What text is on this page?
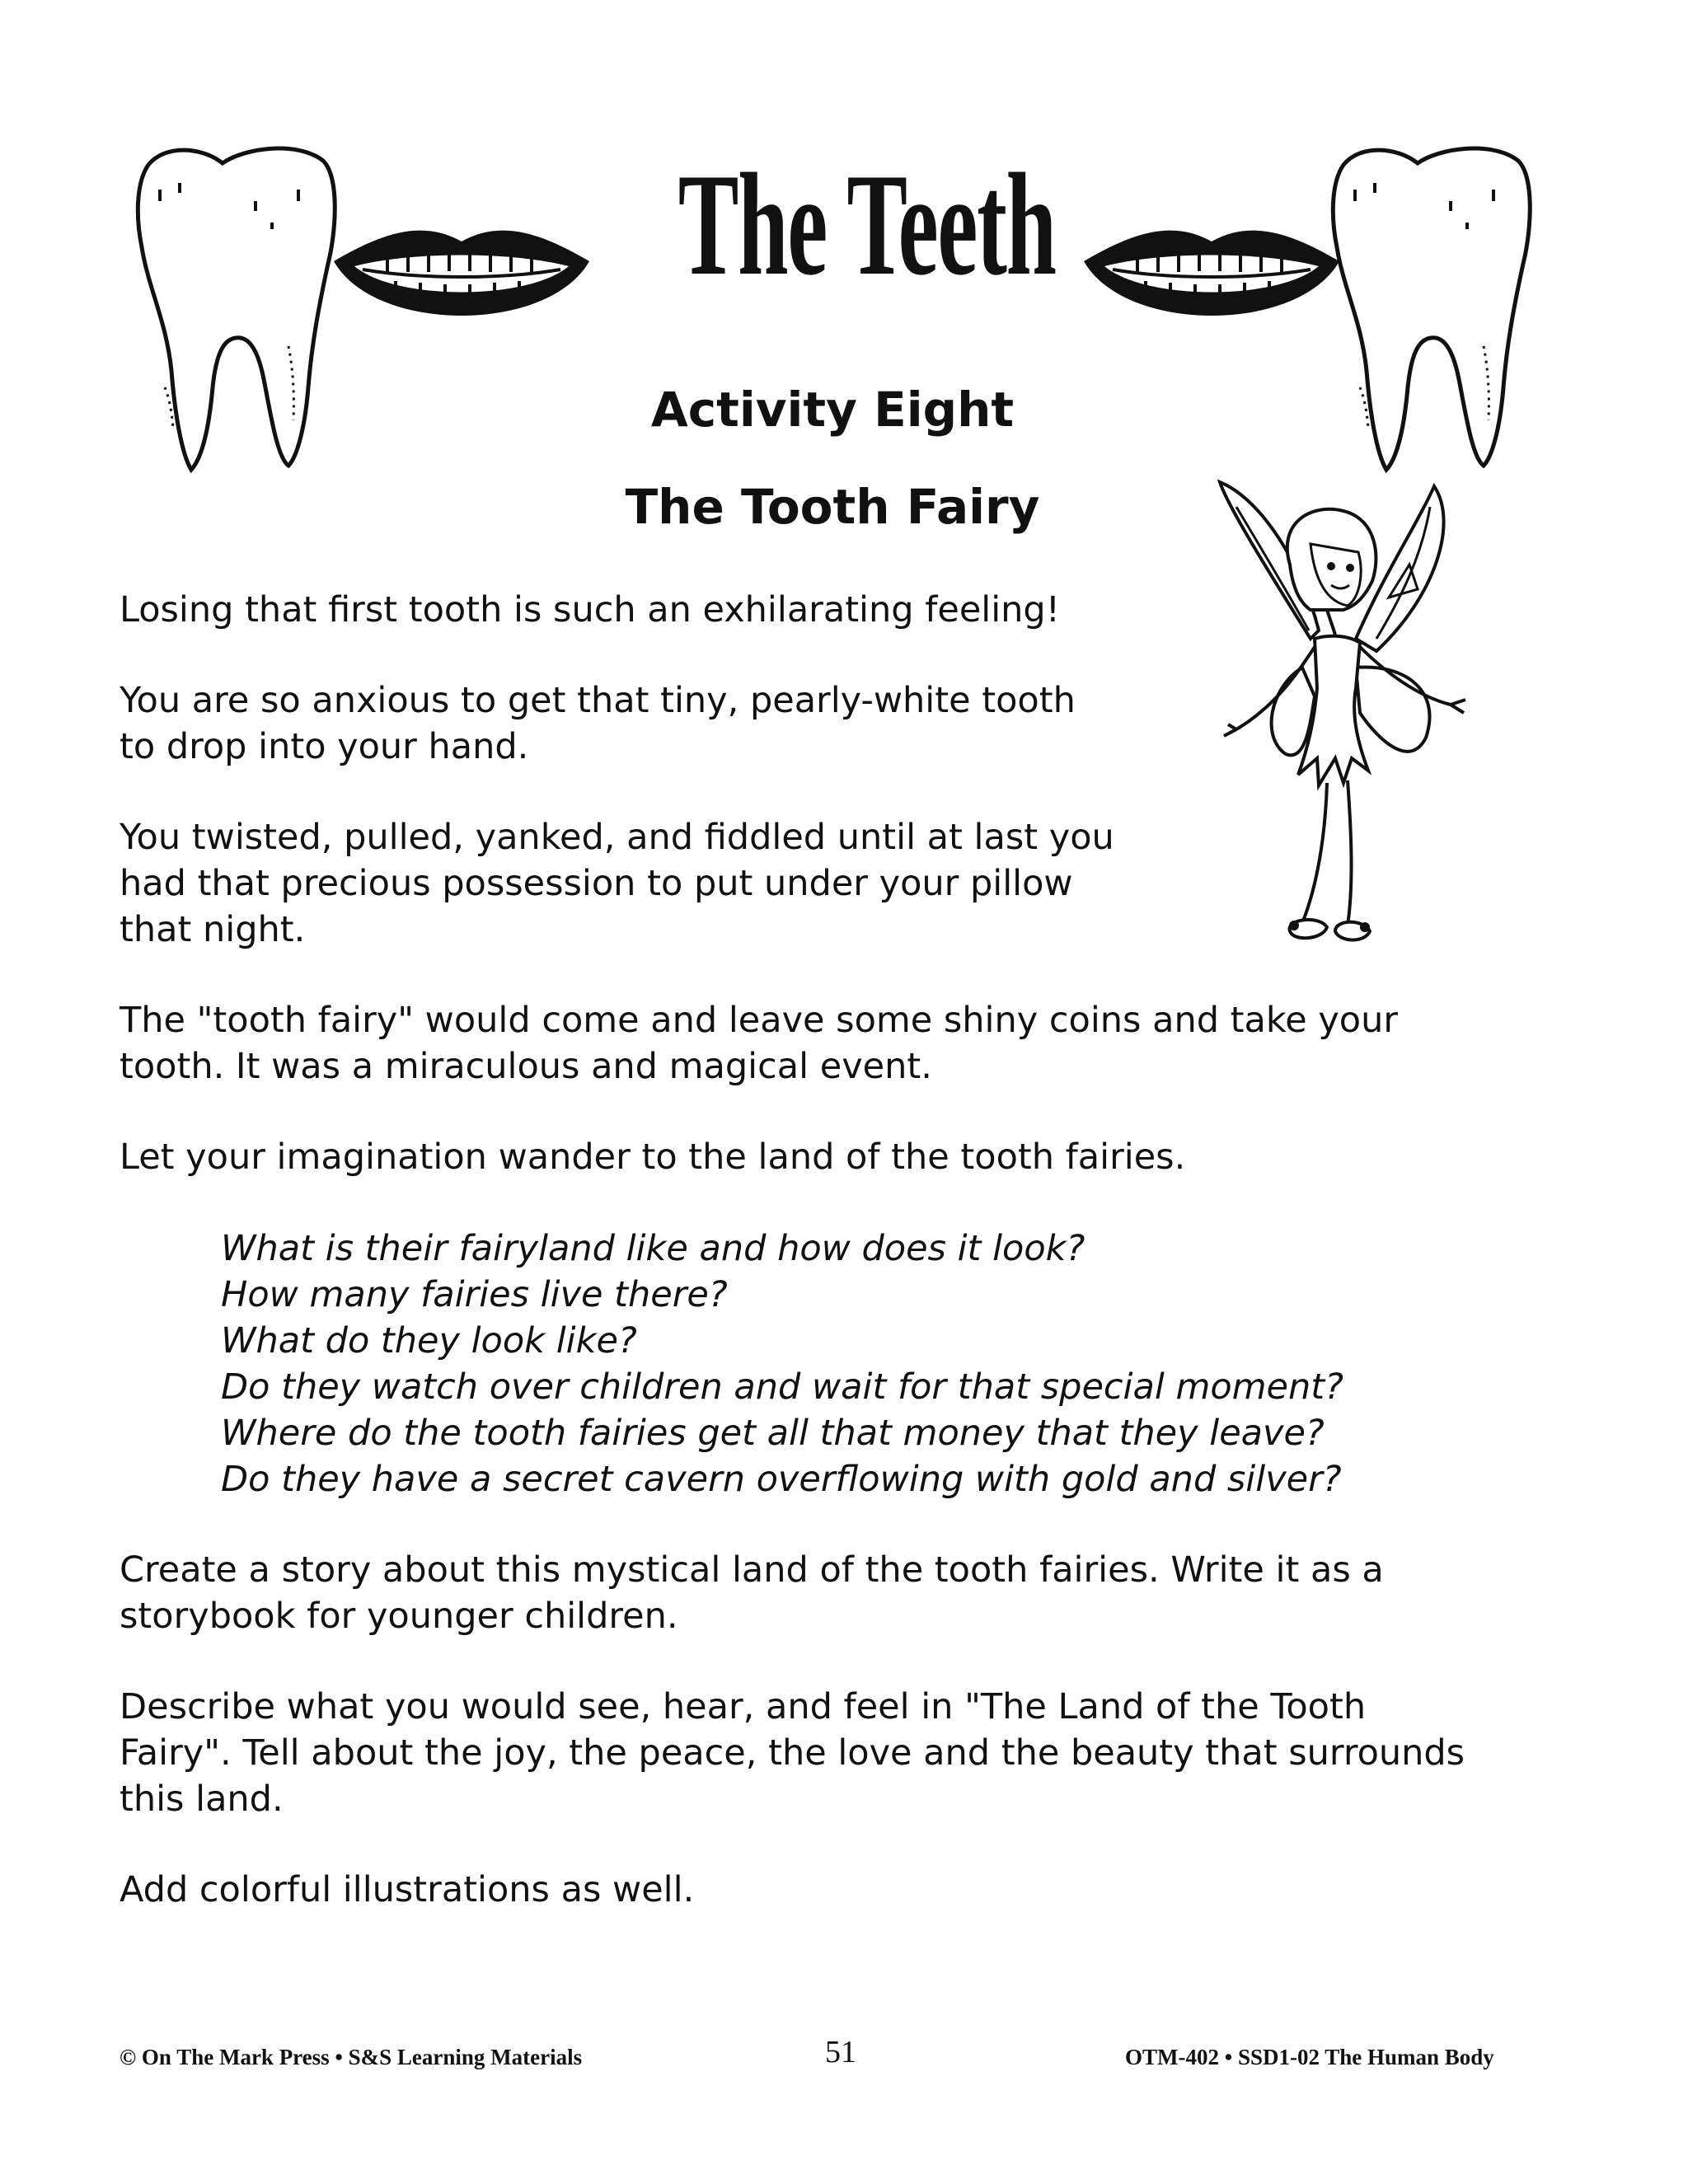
The Teeth
Activity Eight
The Tooth Fairy

Losing that first tooth is such an exhilarating feeling!

You are so anxious to get that tiny, pearly-white tooth
to drop into your hand.

You twisted, pulled, yanked, and fiddled until at last you
had that precious possession to put under your pillow
that night.

The "tooth fairy" would come and leave some shiny coins and take your
tooth. It was a miraculous and magical event.

Let your imagination wander to the land of the tooth fairies.

What is their fairyland like and how does it look?

How many fairies live there?

What do they look like?

Do they watch over children and wait for that special moment?

Where do the tooth fairies get all that money that they leave?

Do they have a secret cavern overflowing with gold and silver?

Create a story about this mystical land of the tooth fairies. Write it as a
storybook for younger children.

Describe what you would see, hear, and feel in "The Land of the Tooth
Fairy". Tell about the joy, the peace, the love and the beauty that surrounds
this land.

Add colorful illustrations as well.

© On The Mark Press • S&S Learning Materials	51	OTM-402 • SSD1-02 The Human Body
